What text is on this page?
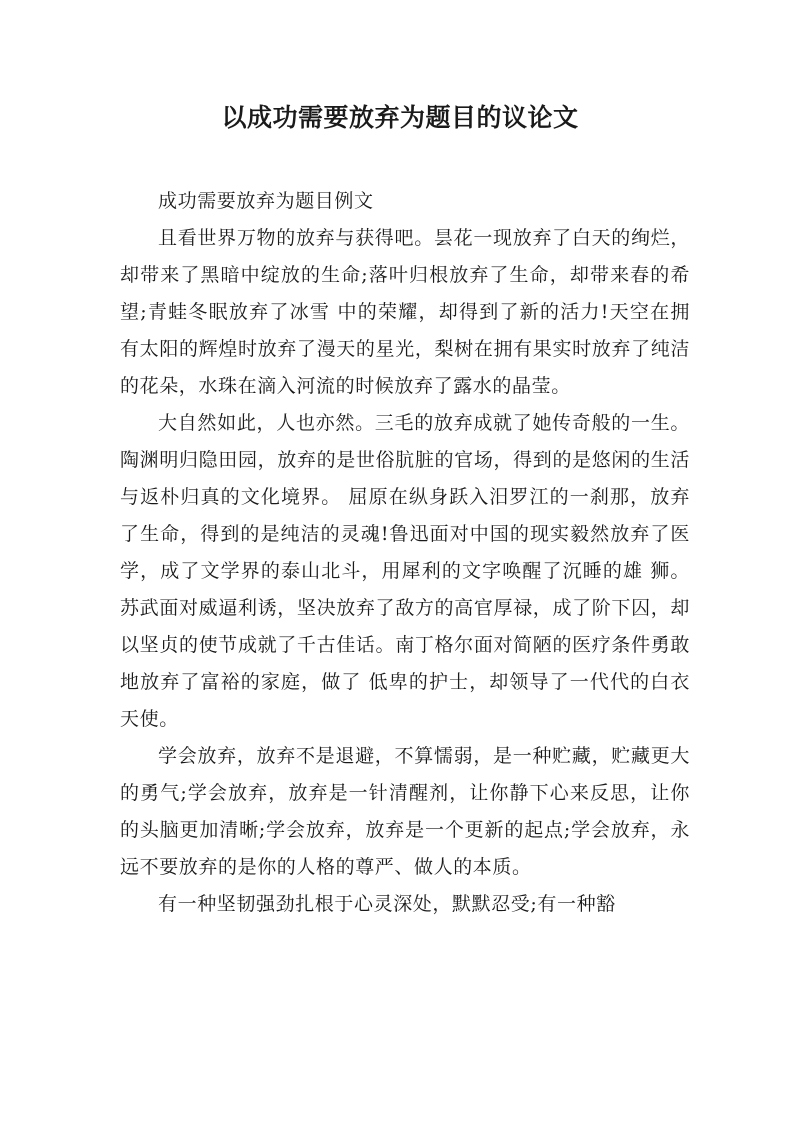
以成功需要放弃为题目的议论文

成功需要放弃为题目例文

且看世界万物的放弃与获得吧。昙花一现放弃了白天的绚烂，却带来了黑暗中绽放的生命;落叶归根放弃了生命，却带来春的希望;青蛙冬眠放弃了冰雪 中的荣耀，却得到了新的活力!天空在拥有太阳的辉煌时放弃了漫天的星光，梨树在拥有果实时放弃了纯洁的花朵，水珠在滴入河流的时候放弃了露水的晶莹。

大自然如此，人也亦然。三毛的放弃成就了她传奇般的一生。陶渊明归隐田园，放弃的是世俗肮脏的官场，得到的是悠闲的生活与返朴归真的文化境界。 屈原在纵身跃入汨罗江的一刹那，放弃了生命，得到的是纯洁的灵魂!鲁迅面对中国的现实毅然放弃了医学，成了文学界的泰山北斗，用犀利的文字唤醒了沉睡的雄 狮。苏武面对威逼利诱，坚决放弃了敌方的高官厚禄，成了阶下囚，却以坚贞的使节成就了千古佳话。南丁格尔面对简陋的医疗条件勇敢地放弃了富裕的家庭，做了 低卑的护士，却领导了一代代的白衣天使。

学会放弃，放弃不是退避，不算懦弱，是一种贮藏，贮藏更大的勇气;学会放弃，放弃是一针清醒剂，让你静下心来反思，让你的头脑更加清晰;学会放弃，放弃是一个更新的起点;学会放弃，永远不要放弃的是你的人格的尊严、做人的本质。

有一种坚韧强劲扎根于心灵深处，默默忍受;有一种豁
